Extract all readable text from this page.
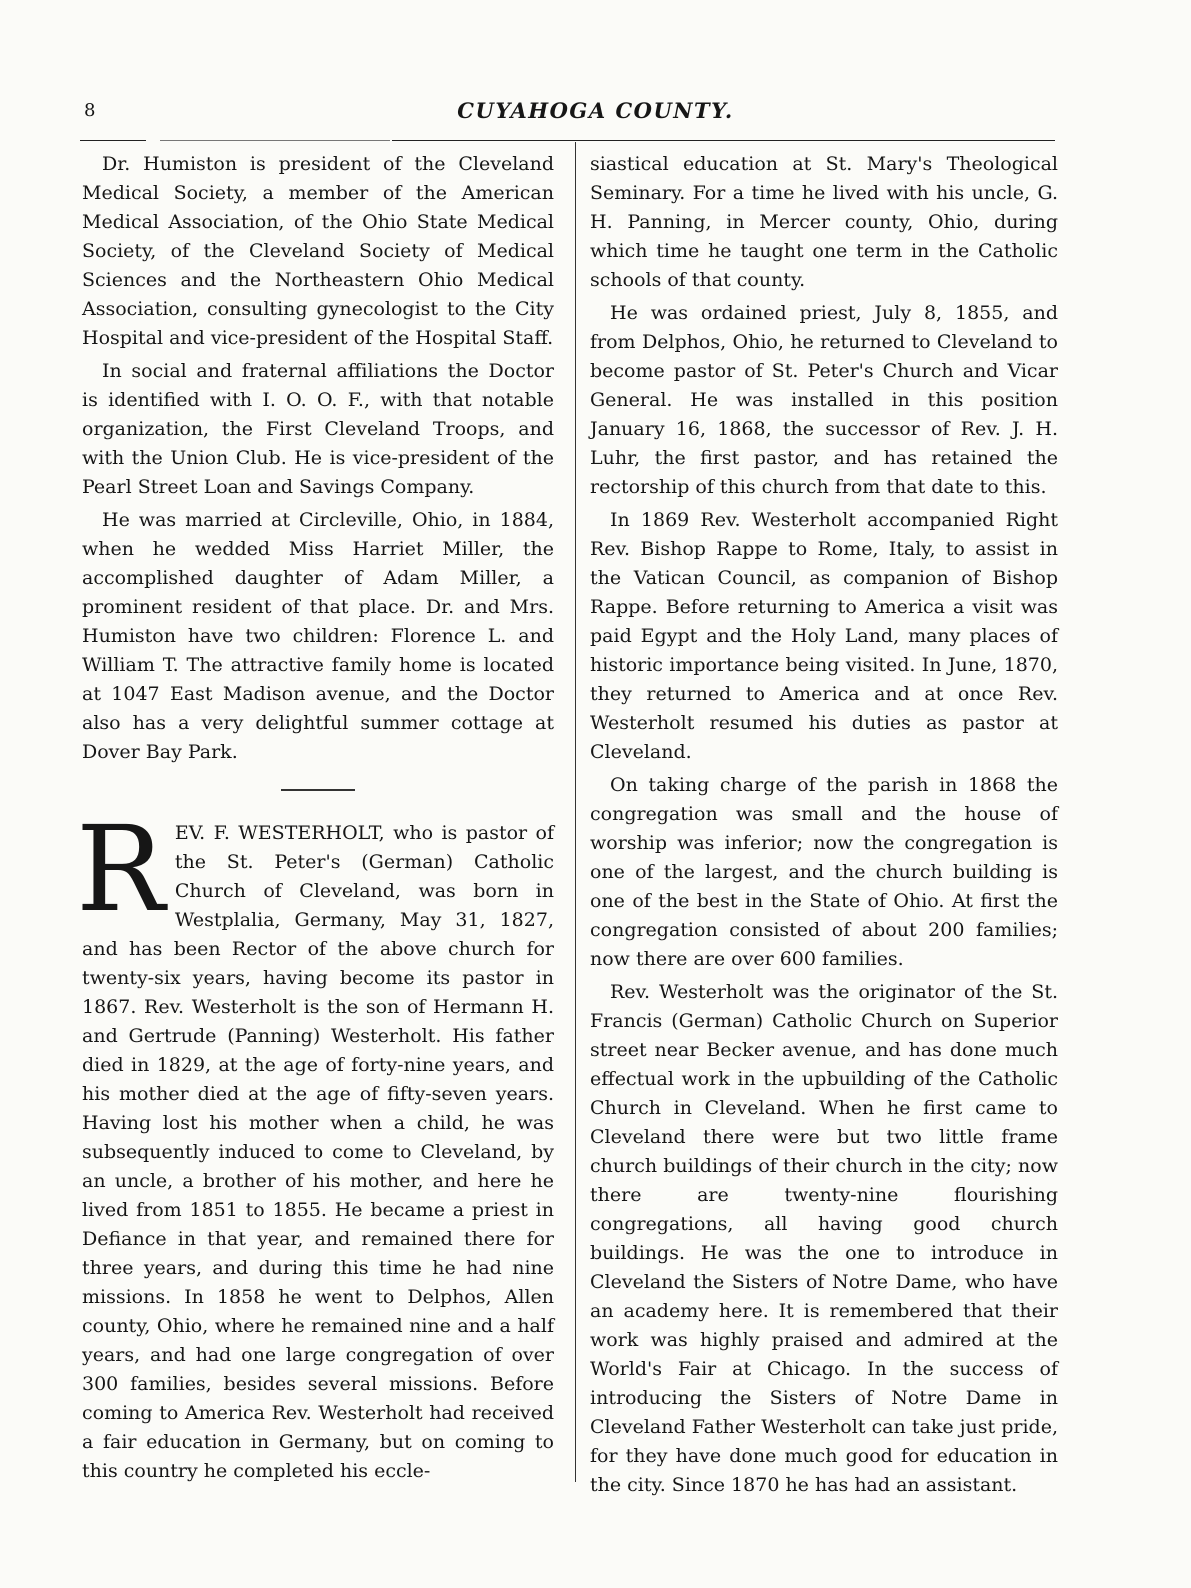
8	CUYAHOGA COUNTY.

Dr. Humiston is president of the Cleveland Medical Society, a member of the American Medical Association, of the Ohio State Medical Society, of the Cleveland Society of Medical Sciences and the Northeastern Ohio Medical Association, consulting gynecologist to the City Hospital and vice-president of the Hospital Staff.

In social and fraternal affiliations the Doctor is identified with I. O. O. F., with that notable organization, the First Cleveland Troops, and with the Union Club. He is vice-president of the Pearl Street Loan and Savings Company.

He was married at Circleville, Ohio, in 1884, when he wedded Miss Harriet Miller, the accomplished daughter of Adam Miller, a prominent resident of that place. Dr. and Mrs. Humiston have two children: Florence L. and William T. The attractive family home is located at 1047 East Madison avenue, and the Doctor also has a very delightful summer cottage at Dover Bay Park.

REV. F. WESTERHOLT, who is pastor of the St. Peter's (German) Catholic Church of Cleveland, was born in Westplalia, Germany, May 31, 1827, and has been Rector of the above church for twenty-six years, having become its pastor in 1867. Rev. Westerholt is the son of Hermann H. and Gertrude (Panning) Westerholt. His father died in 1829, at the age of forty-nine years, and his mother died at the age of fifty-seven years. Having lost his mother when a child, he was subsequently induced to come to Cleveland, by an uncle, a brother of his mother, and here he lived from 1851 to 1855. He became a priest in Defiance in that year, and remained there for three years, and during this time he had nine missions. In 1858 he went to Delphos, Allen county, Ohio, where he remained nine and a half years, and had one large congregation of over 300 families, besides several missions. Before coming to America Rev. Westerholt had received a fair education in Germany, but on coming to this country he completed his eccle-

siastical education at St. Mary's Theological Seminary. For a time he lived with his uncle, G. H. Panning, in Mercer county, Ohio, during which time he taught one term in the Catholic schools of that county.

He was ordained priest, July 8, 1855, and from Delphos, Ohio, he returned to Cleveland to become pastor of St. Peter's Church and Vicar General. He was installed in this position January 16, 1868, the successor of Rev. J. H. Luhr, the first pastor, and has retained the rectorship of this church from that date to this.

In 1869 Rev. Westerholt accompanied Right Rev. Bishop Rappe to Rome, Italy, to assist in the Vatican Council, as companion of Bishop Rappe. Before returning to America a visit was paid Egypt and the Holy Land, many places of historic importance being visited. In June, 1870, they returned to America and at once Rev. Westerholt resumed his duties as pastor at Cleveland.

On taking charge of the parish in 1868 the congregation was small and the house of worship was inferior; now the congregation is one of the largest, and the church building is one of the best in the State of Ohio. At first the congregation consisted of about 200 families; now there are over 600 families.

Rev. Westerholt was the originator of the St. Francis (German) Catholic Church on Superior street near Becker avenue, and has done much effectual work in the upbuilding of the Catholic Church in Cleveland. When he first came to Cleveland there were but two little frame church buildings of their church in the city; now there are twenty-nine flourishing congregations, all having good church buildings. He was the one to introduce in Cleveland the Sisters of Notre Dame, who have an academy here. It is remembered that their work was highly praised and admired at the World's Fair at Chicago. In the success of introducing the Sisters of Notre Dame in Cleveland Father Westerholt can take just pride, for they have done much good for education in the city. Since 1870 he has had an assistant.
